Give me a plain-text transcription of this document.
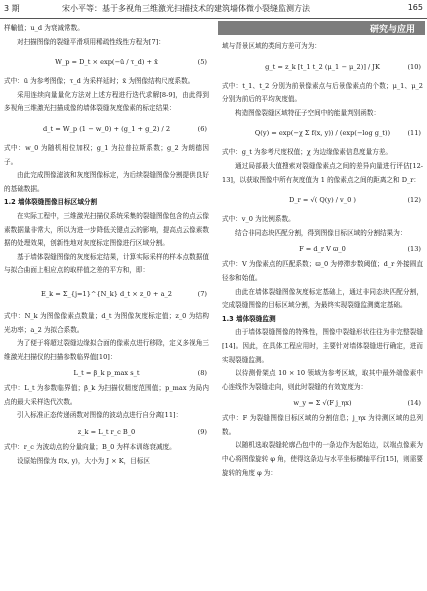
3 期	宋小平等：基于多视角三维激光扫描技术的建筑墙体微小裂缝监测方法	165
研究与应用

样輸值；u_d 为衰减常数。

对扫描图像的裂缝平滑项用稀疏性线性方程为[7]：

W_p = D_t × exp(−ū / τ_d) + x̄	(5)

式中：ū 为参考图像；τ_d 为采样延时；x̄ 为图像结构尺度系数。

采用连续向量量化方法对上述方程进行迭代求解[8-9]，由此得到多视角三维激光扫描成像的墙体裂缝灰度像素的标定结果：

d_t = W_p (1 − w_0) + (g_1 + g_2) / 2	(6)

式中：w_0 为随机相位加权；g_1 为拉普拉斯系数；g_2 为朗德因子。

由此完成图像滤波和灰度图像标定，为后续裂缝图像分割提供良好的基础数据。

1.2 墙体裂缝图像目标区域分割

在实际工程中，三维激光扫描仪系统采集的裂缝图像包含的点云像素数据量非常大，所以为进一步降低关键点云的影响，提高点云像素数据的处理效果，创新性地对灰度标定图像进行区域分割。

基于墙体裂缝图像的灰度标定结果，计算实际采样的样本点数据值与拟合曲面上相应点的取样值之差的平方和，即：

E_k = Σ_{j=1}^{N_k} d_t × z_0 + a_2	(7)

式中：N_k 为图像像素点数量；d_t 为图像灰度标定值；z_0 为结构光功率；a_2 为拟合系数。

为了便于将超过裂缝边缘拟合面的像素点进行移除，定义多视角三维激光扫描仪的扫描参数临界值[10]：

L_t = β_k p_max s_t	(8)

式中：L_t 为参数临界值；β_k 为扫描仪精度范围值；p_max 为局内点的最大采样迭代次数。

引入标准正态传递函数对图像的波动点进行自分离[11]：

z_k = L_t r_c B_0	(9)

式中：r_c 为波动点的分量向量；B_0 为样本训练衰减度。

设原始图像为 f(x, y)，大小为 J × K，目标区

域与背景区域的类间方差可为为：

g_t = z_k [t_1 t_2 (μ_1 − μ_2)] / JK	(10)

式中：t_1、t_2 分别为前景像素点与后景像素点的个数；μ_1、μ_2 分别为前后的平均灰度值。

构造图像裂缝区域特征子空间中的能量判别函数：

Q(y) = exp(−χ Σ f(x, y)) / (exp(−log g_t))	(11)

式中：g_t 为参考尺度权值；χ 为边缘像素信息度量方差。

通过局部最大值搜索对裂缝像素点之间的差异向量进行评估[12-13]，以获取图像中所有灰度值为 1 的像素点之间的距离之和 D_r：

D_r = √( Q(y) / v_0 )	(12)

式中：v_0 为比例系数。

结合非同态块匹配分割，得到图像目标区域的分割结果为：

F = d_r V ϖ_0	(13)

式中：V 为像素点的匹配系数；ϖ_0 为停滞步数阈值；d_r 外接圆直径参和始值。

由此在墙体裂缝图像灰度标定基础上，通过非同态块匹配分割，完成裂缝图像的目标区域分割，为最终实现裂缝监测奠定基础。

1.3 墙体裂缝监测

由于墙体裂缝图像的特殊性，图像中裂缝形状往往为非完整裂缝[14]。因此，在具体工程应用时，主要针对墙体裂缝进行确定，进而实现裂缝监测。

以待测骨架点 10 × 10 领域为参考区域，取其中最外端像素中心连线作为裂缝走向，则此时裂缝的有效宽度为：

w_y = Σ √(F j_ηx)	(14)

式中：F 为裂缝图像目标区域的分割信息；j_ηx 为待测区域的总列数。

以随机选取裂缝轮廓凸包中的一条边作为起始边，以端点像素为中心将图像旋转 φ 角，使得这条边与水平坐标横轴平行[15]，则需要旋转的角度 φ 为：
